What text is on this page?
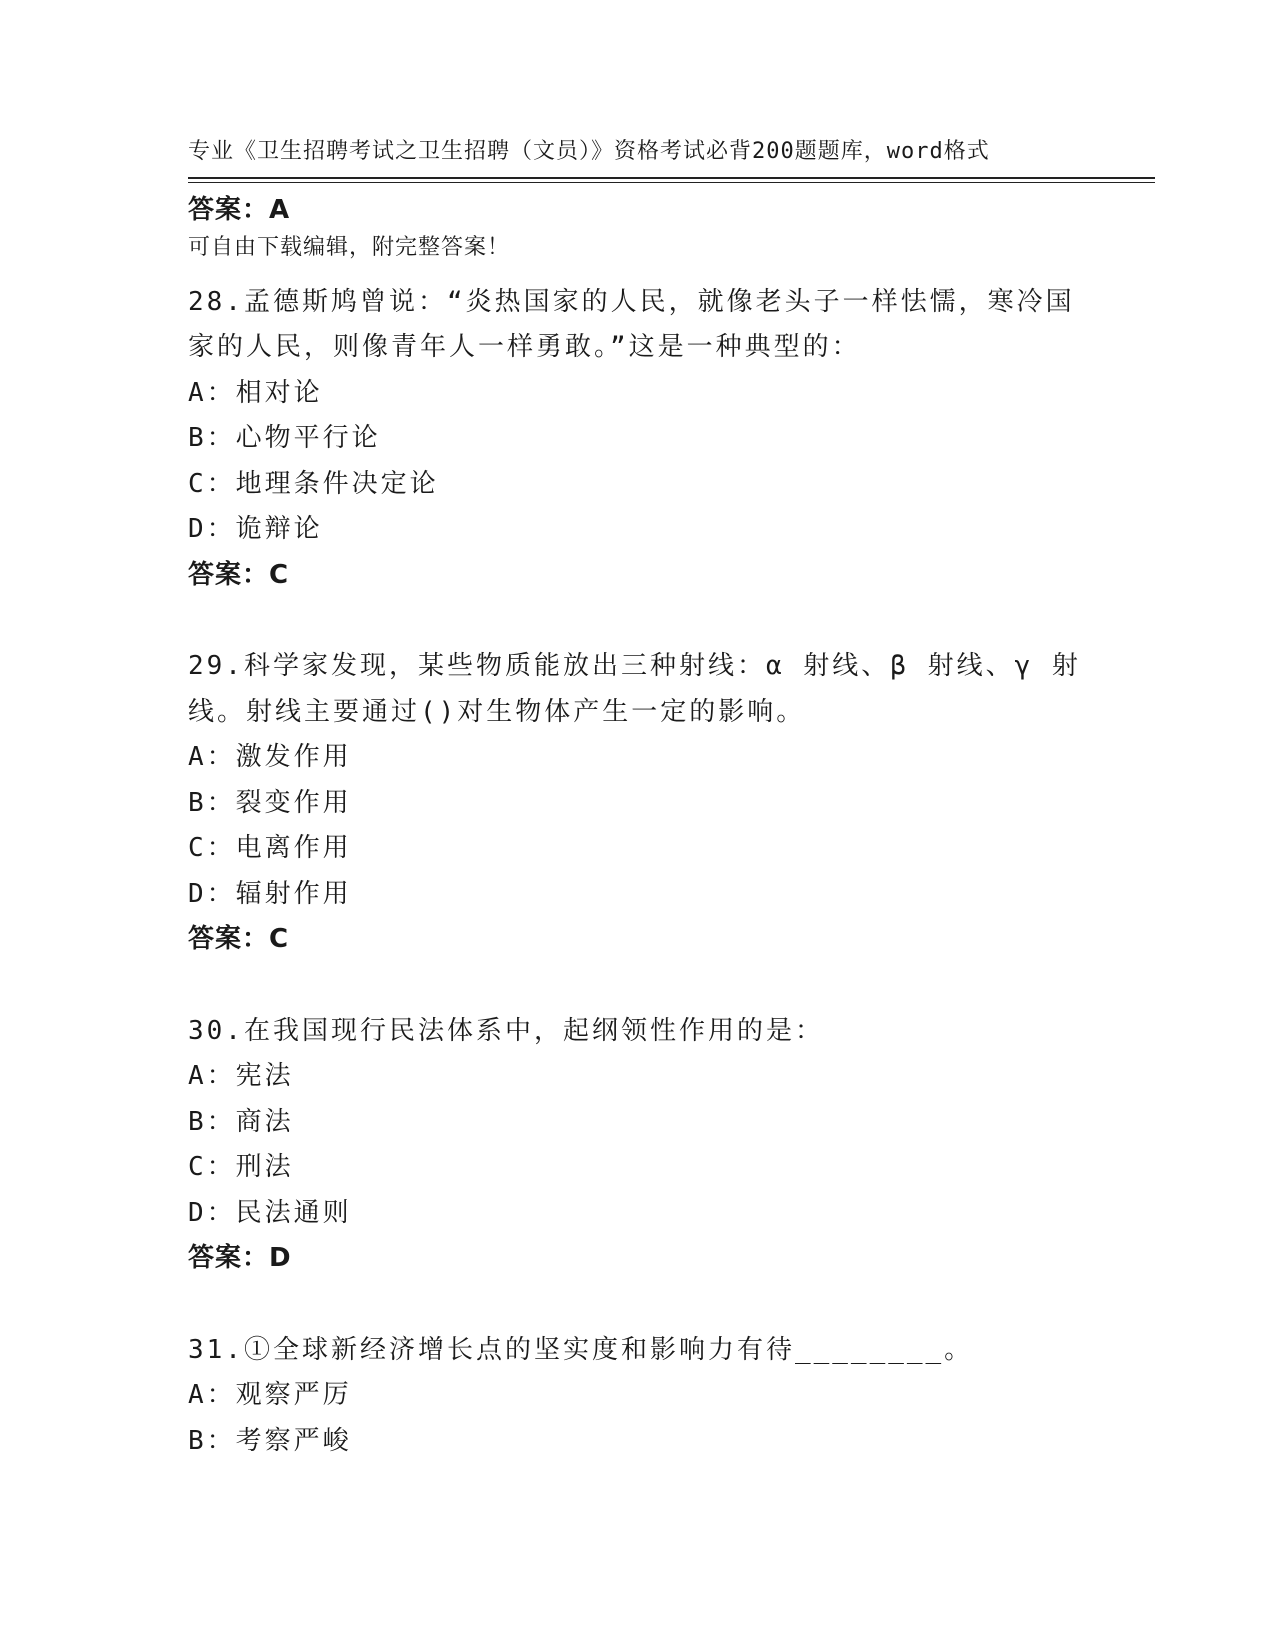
专业《卫生招聘考试之卫生招聘（文员）》资格考试必背200题题库，word格式

可自由下载编辑，附完整答案！

答案：A
28.孟德斯鸠曾说：“炎热国家的人民，就像老头子一样怯懦，寒冷国
家的人民，则像青年人一样勇敢。”这是一种典型的：
A：相对论
B：心物平行论
C：地理条件决定论
D：诡辩论
答案：C
29.科学家发现，某些物质能放出三种射线：α 射线、β 射线、γ 射
线。射线主要通过()对生物体产生一定的影响。
A：激发作用
B：裂变作用
C：电离作用
D：辐射作用
答案：C
30.在我国现行民法体系中，起纲领性作用的是：
A：宪法
B：商法
C：刑法
D：民法通则
答案：D
31.①全球新经济增长点的坚实度和影响力有待________。
A：观察严厉
B：考察严峻
